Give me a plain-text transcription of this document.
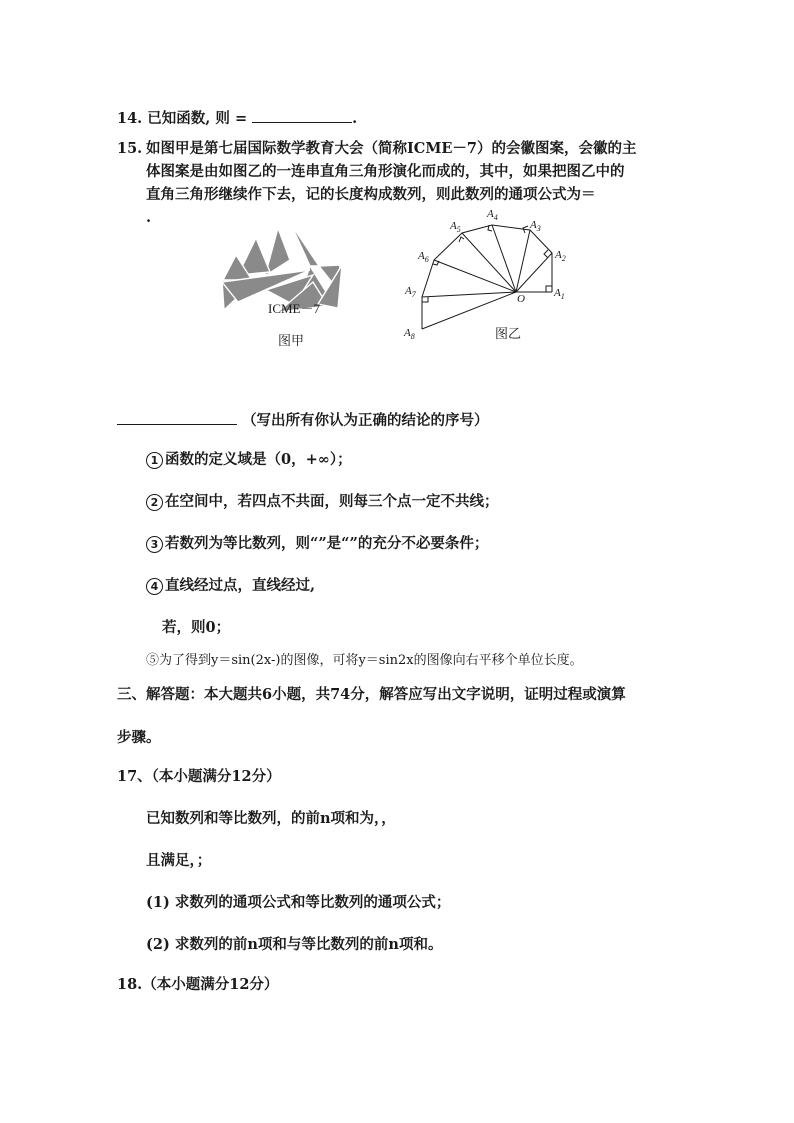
14. 已知函数, 则 =	.
15. 如图甲是第七届国际数学教育大会（简称ICME－7）的会徽图案，会徽的主
体图案是由如图乙的一连串直角三角形演化而成的，其中，如果把图乙中的
直角三角形继续作下去，记的长度构成数列，则此数列的通项公式为＝
.
ICME－7
图甲
O	$A_1$
$A_2$
$A_3$
$A_4$
$A_5$
$A_6$
$A_7$
$A_8$	图乙
（写出所有你认为正确的结论的序号）
1 函数的定义域是（0，+∞）；
2 在空间中，若四点不共面，则每三个点一定不共线；
3 若数列为等比数列，则“”是“”的充分不必要条件；
4 直线经过点，直线经过,
若，则0；
⑤为了得到y＝sin(2x-)的图像，可将y＝sin2x的图像向右平移个单位长度。
三、解答题：本大题共6小题，共74分，解答应写出文字说明，证明过程或演算
步骤。
17、（本小题满分12分）
已知数列和等比数列，的前n项和为，，
且满足，；
(1) 求数列的通项公式和等比数列的通项公式；
(2) 求数列的前n项和与等比数列的前n项和。
18.（本小题满分12分）
